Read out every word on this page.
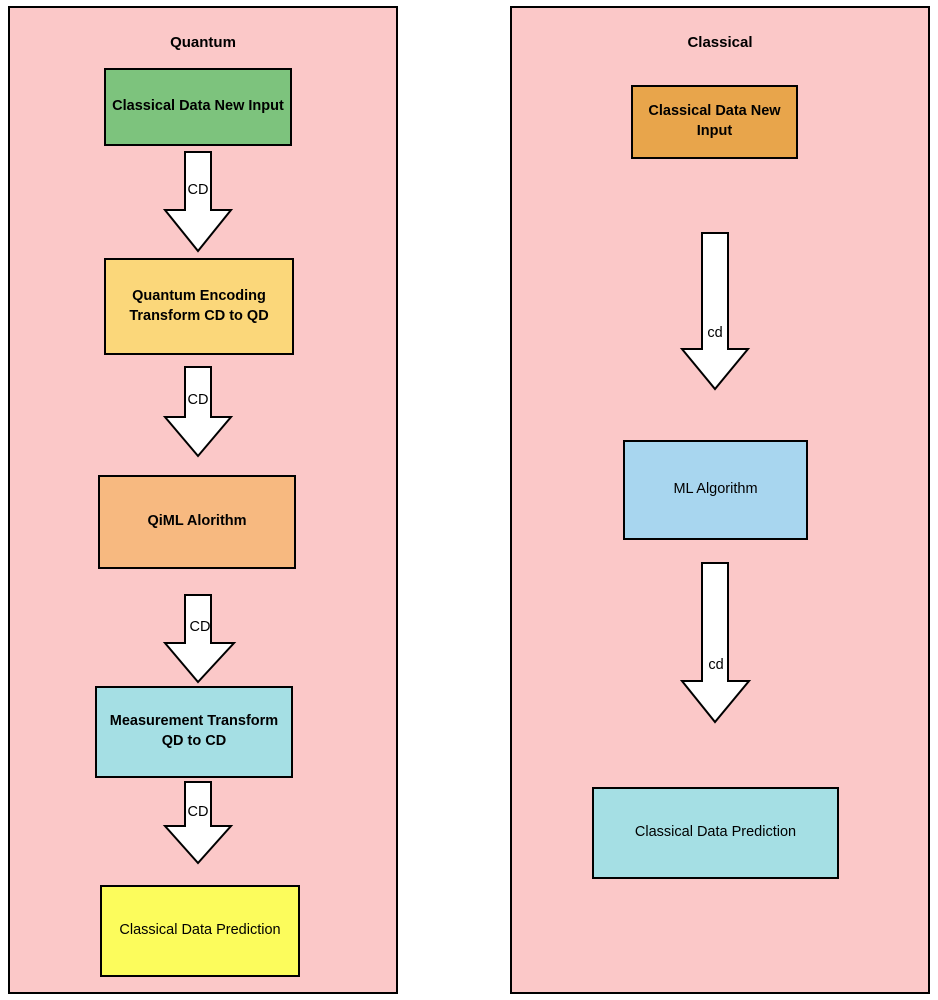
Quantum
Classical Data New Input
CD
Quantum Encoding Transform CD to QD
CD
QiML Alorithm
CD
Measurement Transform QD to CD
CD
Classical Data Prediction
Classical
Classical Data New Input
cd
ML Algorithm
cd
Classical Data Prediction
